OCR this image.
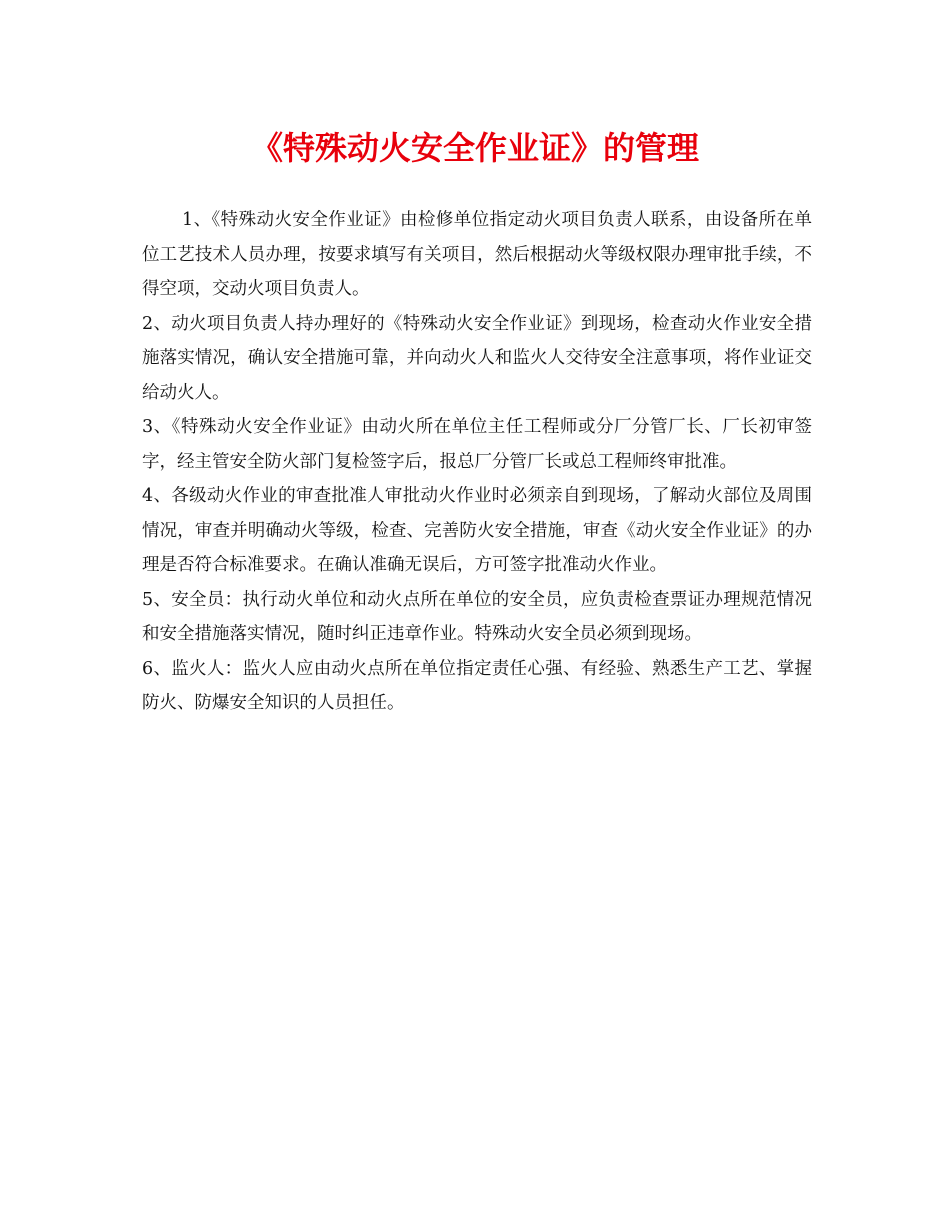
《特殊动火安全作业证》的管理

1、《特殊动火安全作业证》由检修单位指定动火项目负责人联系，由设备所在单位工艺技术人员办理，按要求填写有关项目，然后根据动火等级权限办理审批手续，不得空项，交动火项目负责人。

2、动火项目负责人持办理好的《特殊动火安全作业证》到现场，检查动火作业安全措施落实情况，确认安全措施可靠，并向动火人和监火人交待安全注意事项，将作业证交给动火人。

3、《特殊动火安全作业证》由动火所在单位主任工程师或分厂分管厂长、厂长初审签字，经主管安全防火部门复检签字后，报总厂分管厂长或总工程师终审批准。

4、各级动火作业的审查批准人审批动火作业时必须亲自到现场，了解动火部位及周围情况，审查并明确动火等级，检查、完善防火安全措施，审查《动火安全作业证》的办理是否符合标准要求。在确认准确无误后，方可签字批准动火作业。

5、安全员：执行动火单位和动火点所在单位的安全员，应负责检查票证办理规范情况和安全措施落实情况，随时纠正违章作业。特殊动火安全员必须到现场。

6、监火人：监火人应由动火点所在单位指定责任心强、有经验、熟悉生产工艺、掌握防火、防爆安全知识的人员担任。
